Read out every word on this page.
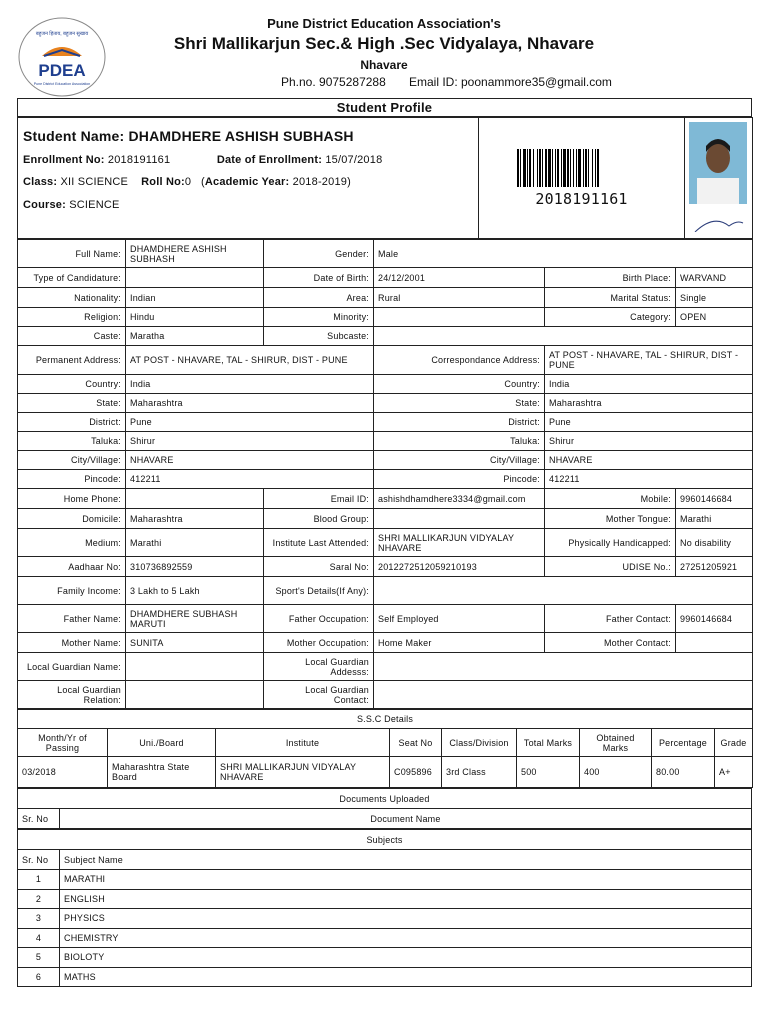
PDEA
बहुजन हिताय, बहुजन सुखाय
Pune District Education Association
Pune District Education Association's
Shri Mallikarjun Sec.& High .Sec Vidyalaya, Nhavare
Nhavare
Ph.no. 9075287288 Email ID: poonammore35@gmail.com
Student Profile
Student Name: DHAMDHERE ASHISH SUBHASH
Enrollment No: 2018191161	Date of Enrollment: 15/07/2018
Class: XII SCIENCE Roll No:0   (Academic Year: 2018-2019)
Course: SCIENCE	2018191161

Full Name:	DHAMDHERE ASHISH SUBHASH	Gender:	Male		
Type of Candidature:		Date of Birth:	24/12/2001	Birth Place:	WARVAND
Nationality:	Indian	Area:	Rural	Marital Status:	Single
Religion:	Hindu	Minority:		Category:	OPEN
Caste:	Maratha	Subcaste:			
Permanent Address:	AT POST - NHAVARE, TAL - SHIRUR, DIST - PUNE		Correspondance Address:	AT POST - NHAVARE, TAL - SHIRUR, DIST - PUNE	
Country:	India		Country:	India	
State:	Maharashtra		State:	Maharashtra	
District:	Pune		District:	Pune	
Taluka:	Shirur		Taluka:	Shirur	
City/Village:	NHAVARE		City/Village:	NHAVARE	
Pincode:	412211		Pincode:	412211	
Home Phone:		Email ID:	ashishdhamdhere3334@gmail.com	Mobile:	9960146684
Domicile:	Maharashtra	Blood Group:		Mother Tongue:	Marathi
Medium:	Marathi	Institute Last Attended:	SHRI MALLIKARJUN VIDYALAY NHAVARE	Physically Handicapped:	No disability
Aadhaar No:	310736892559	Saral No:	2012272512059210193	UDISE No.:	27251205921
Family Income:	3 Lakh to 5 Lakh	Sport's Details(If Any):			
Father Name:	DHAMDHERE SUBHASH MARUTI	Father Occupation:	Self Employed	Father Contact:	9960146684
Mother Name:	SUNITA	Mother Occupation:	Home Maker	Mother Contact:	
Local Guardian Name:		Local Guardian Addesss:			
Local Guardian Relation:		Local Guardian Contact:			
S.S.C Details								
Month/Yr of Passing	Uni./Board	Institute	Seat No	Class/Division	Total Marks	Obtained Marks	Percentage	Grade
03/2018	Maharashtra State Board	SHRI MALLIKARJUN VIDYALAY NHAVARE	C095896	3rd Class	500	400	80.00	A+
Documents Uploaded
Sr. No	Document Name
Subjects	
Sr. No	Subject Name
1	MARATHI
2	ENGLISH
3	PHYSICS
4	CHEMISTRY
5	BIOLOTY
6	MATHS
